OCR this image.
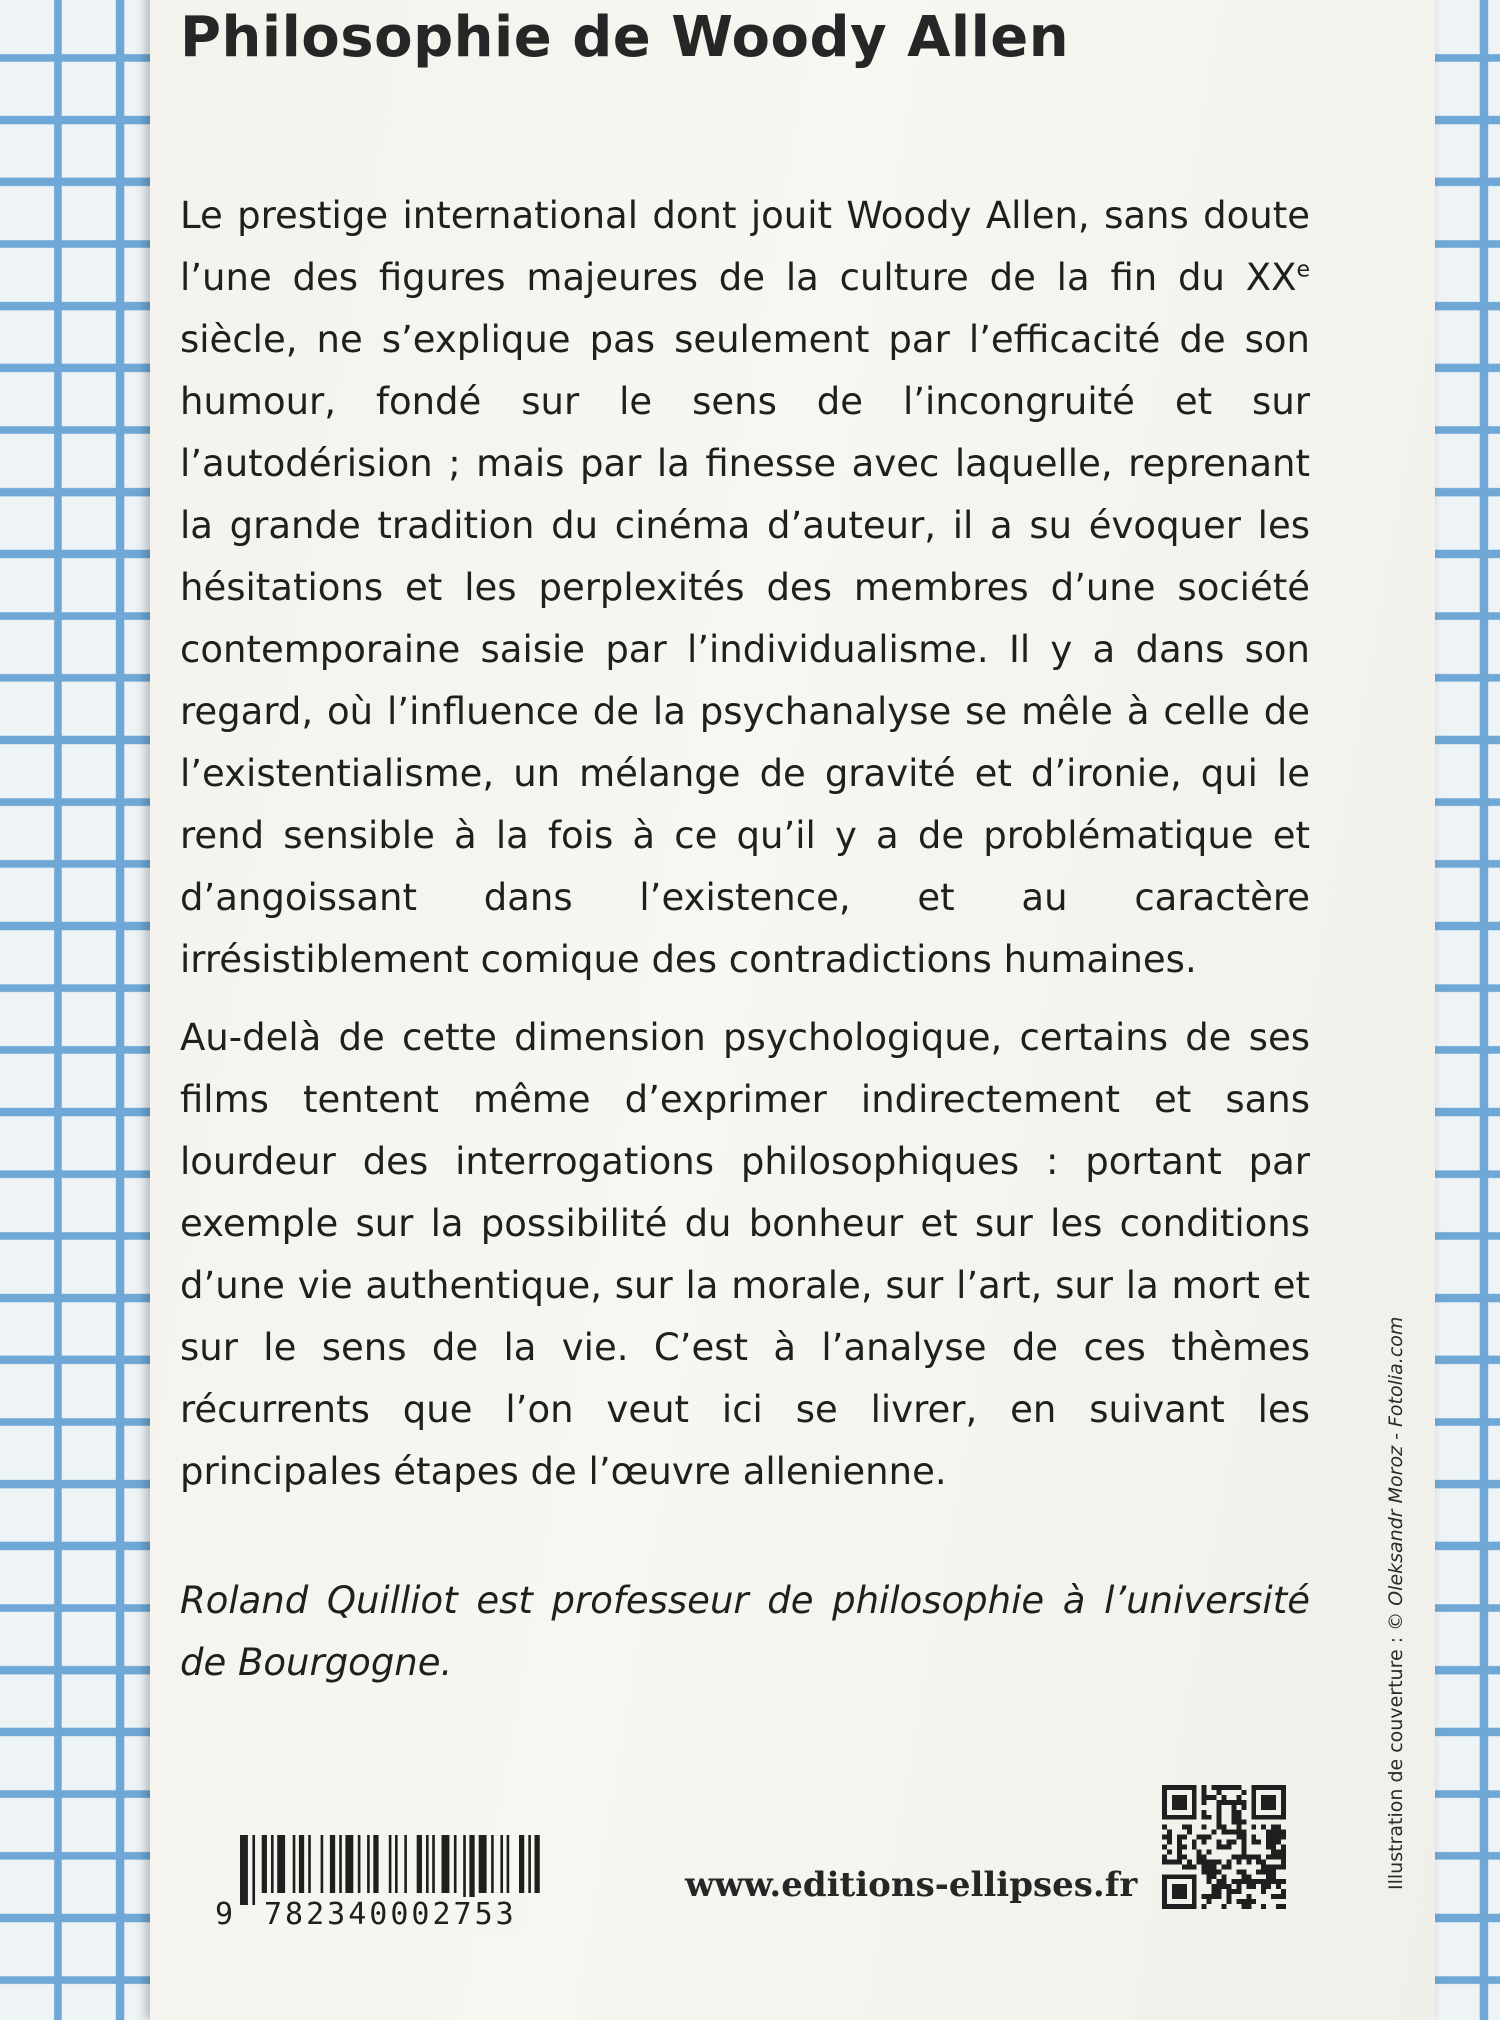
Philosophie de Woody Allen

Le prestige international dont jouit Woody Allen, sans doute l’une des figures majeures de la culture de la fin du XXe siècle, ne s’explique pas seulement par l’efficacité de son humour, fondé sur le sens de l’incongruité et sur l’autodérision ; mais par la finesse avec laquelle, reprenant la grande tradition du cinéma d’auteur, il a su évoquer les hésitations et les perplexités des membres d’une société contemporaine saisie par l’individualisme. Il y a dans son regard, où l’influence de la psychanalyse se mêle à celle de l’existentialisme, un mélange de gravité et d’ironie, qui le rend sensible à la fois à ce qu’il y a de problématique et d’angoissant dans l’existence, et au caractère irrésistiblement comique des contradictions humaines.

Au-delà de cette dimension psychologique, certains de ses films tentent même d’exprimer indirectement et sans lourdeur des interrogations philosophiques : portant par exemple sur la possibilité du bonheur et sur les conditions d’une vie authentique, sur la morale, sur l’art, sur la mort et sur le sens de la vie. C’est à l’analyse de ces thèmes récurrents que l’on veut ici se livrer, en suivant les principales étapes de l’œuvre allenienne.

Roland Quilliot est professeur de philosophie à l’université de Bourgogne.

9 782340002753
www.editions-ellipses.fr	Illustration de couverture : © Oleksandr Moroz - Fotolia.com
